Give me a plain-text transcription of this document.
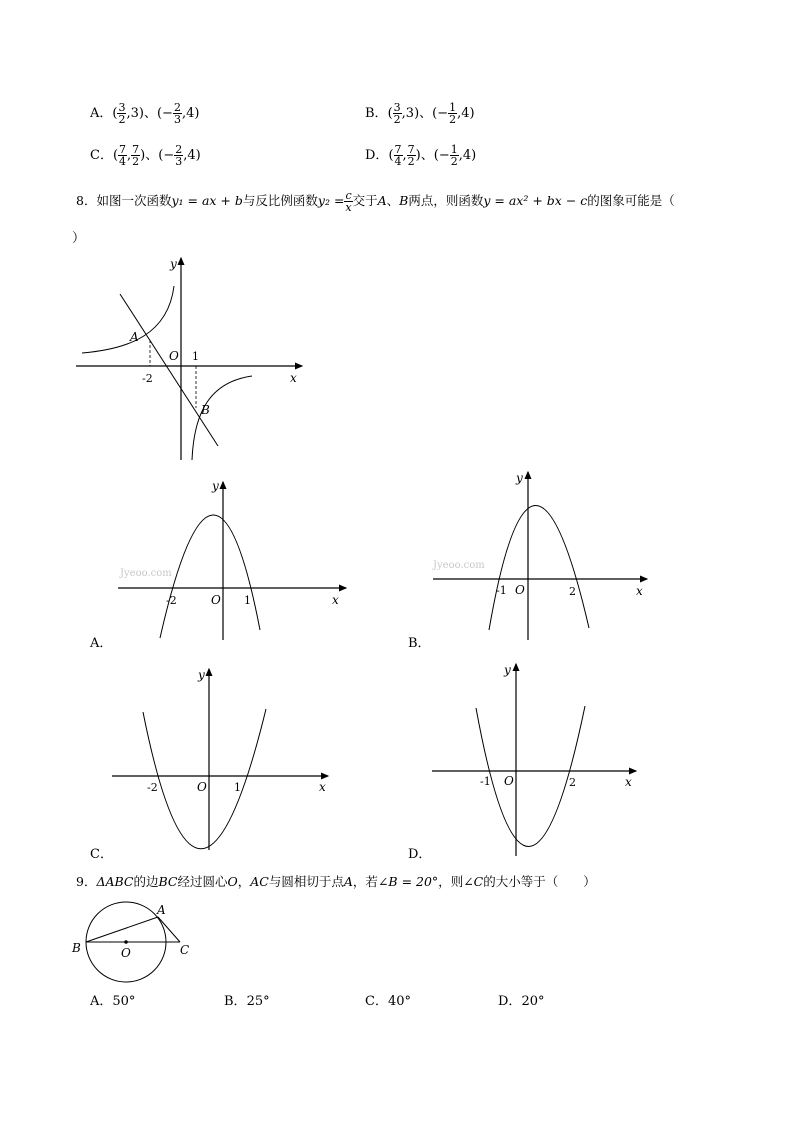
A．( $\frac{3}{2} ,3$)、(− $\frac{2}{3} ,4$)	B．( $\frac{3}{2} ,3$)、(− $\frac{1}{2} ,4$)
C．( $\frac{7}{4}$ , $\frac{7}{2}$ )、(− $\frac{2}{3} ,4$)	D．( $\frac{7}{4}$ , $\frac{7}{2}$ )、(− $\frac{1}{2} ,4$)
8．如图一次函数y₁ = ax + b与反比例函数$y_2 = \frac{c}{x}$ 交于A、B两点，则函数y = ax² + bx − c的图象可能是（
）
y
x
O
A
B
-2
1
Jyeoo.com
y
x
O
-2	1
A．
Jyeoo.com
y
x
O
-1	2
B．
y
x
O
-2	1
C．
y
x
O
-1	2
D．
9．ΔABC的边BC经过圆心O，AC与圆相切于点A，若∠B = 20°，则∠C的大小等于（　　）
A
B	C
O
A．50°	B．25°	C．40°	D．20°
